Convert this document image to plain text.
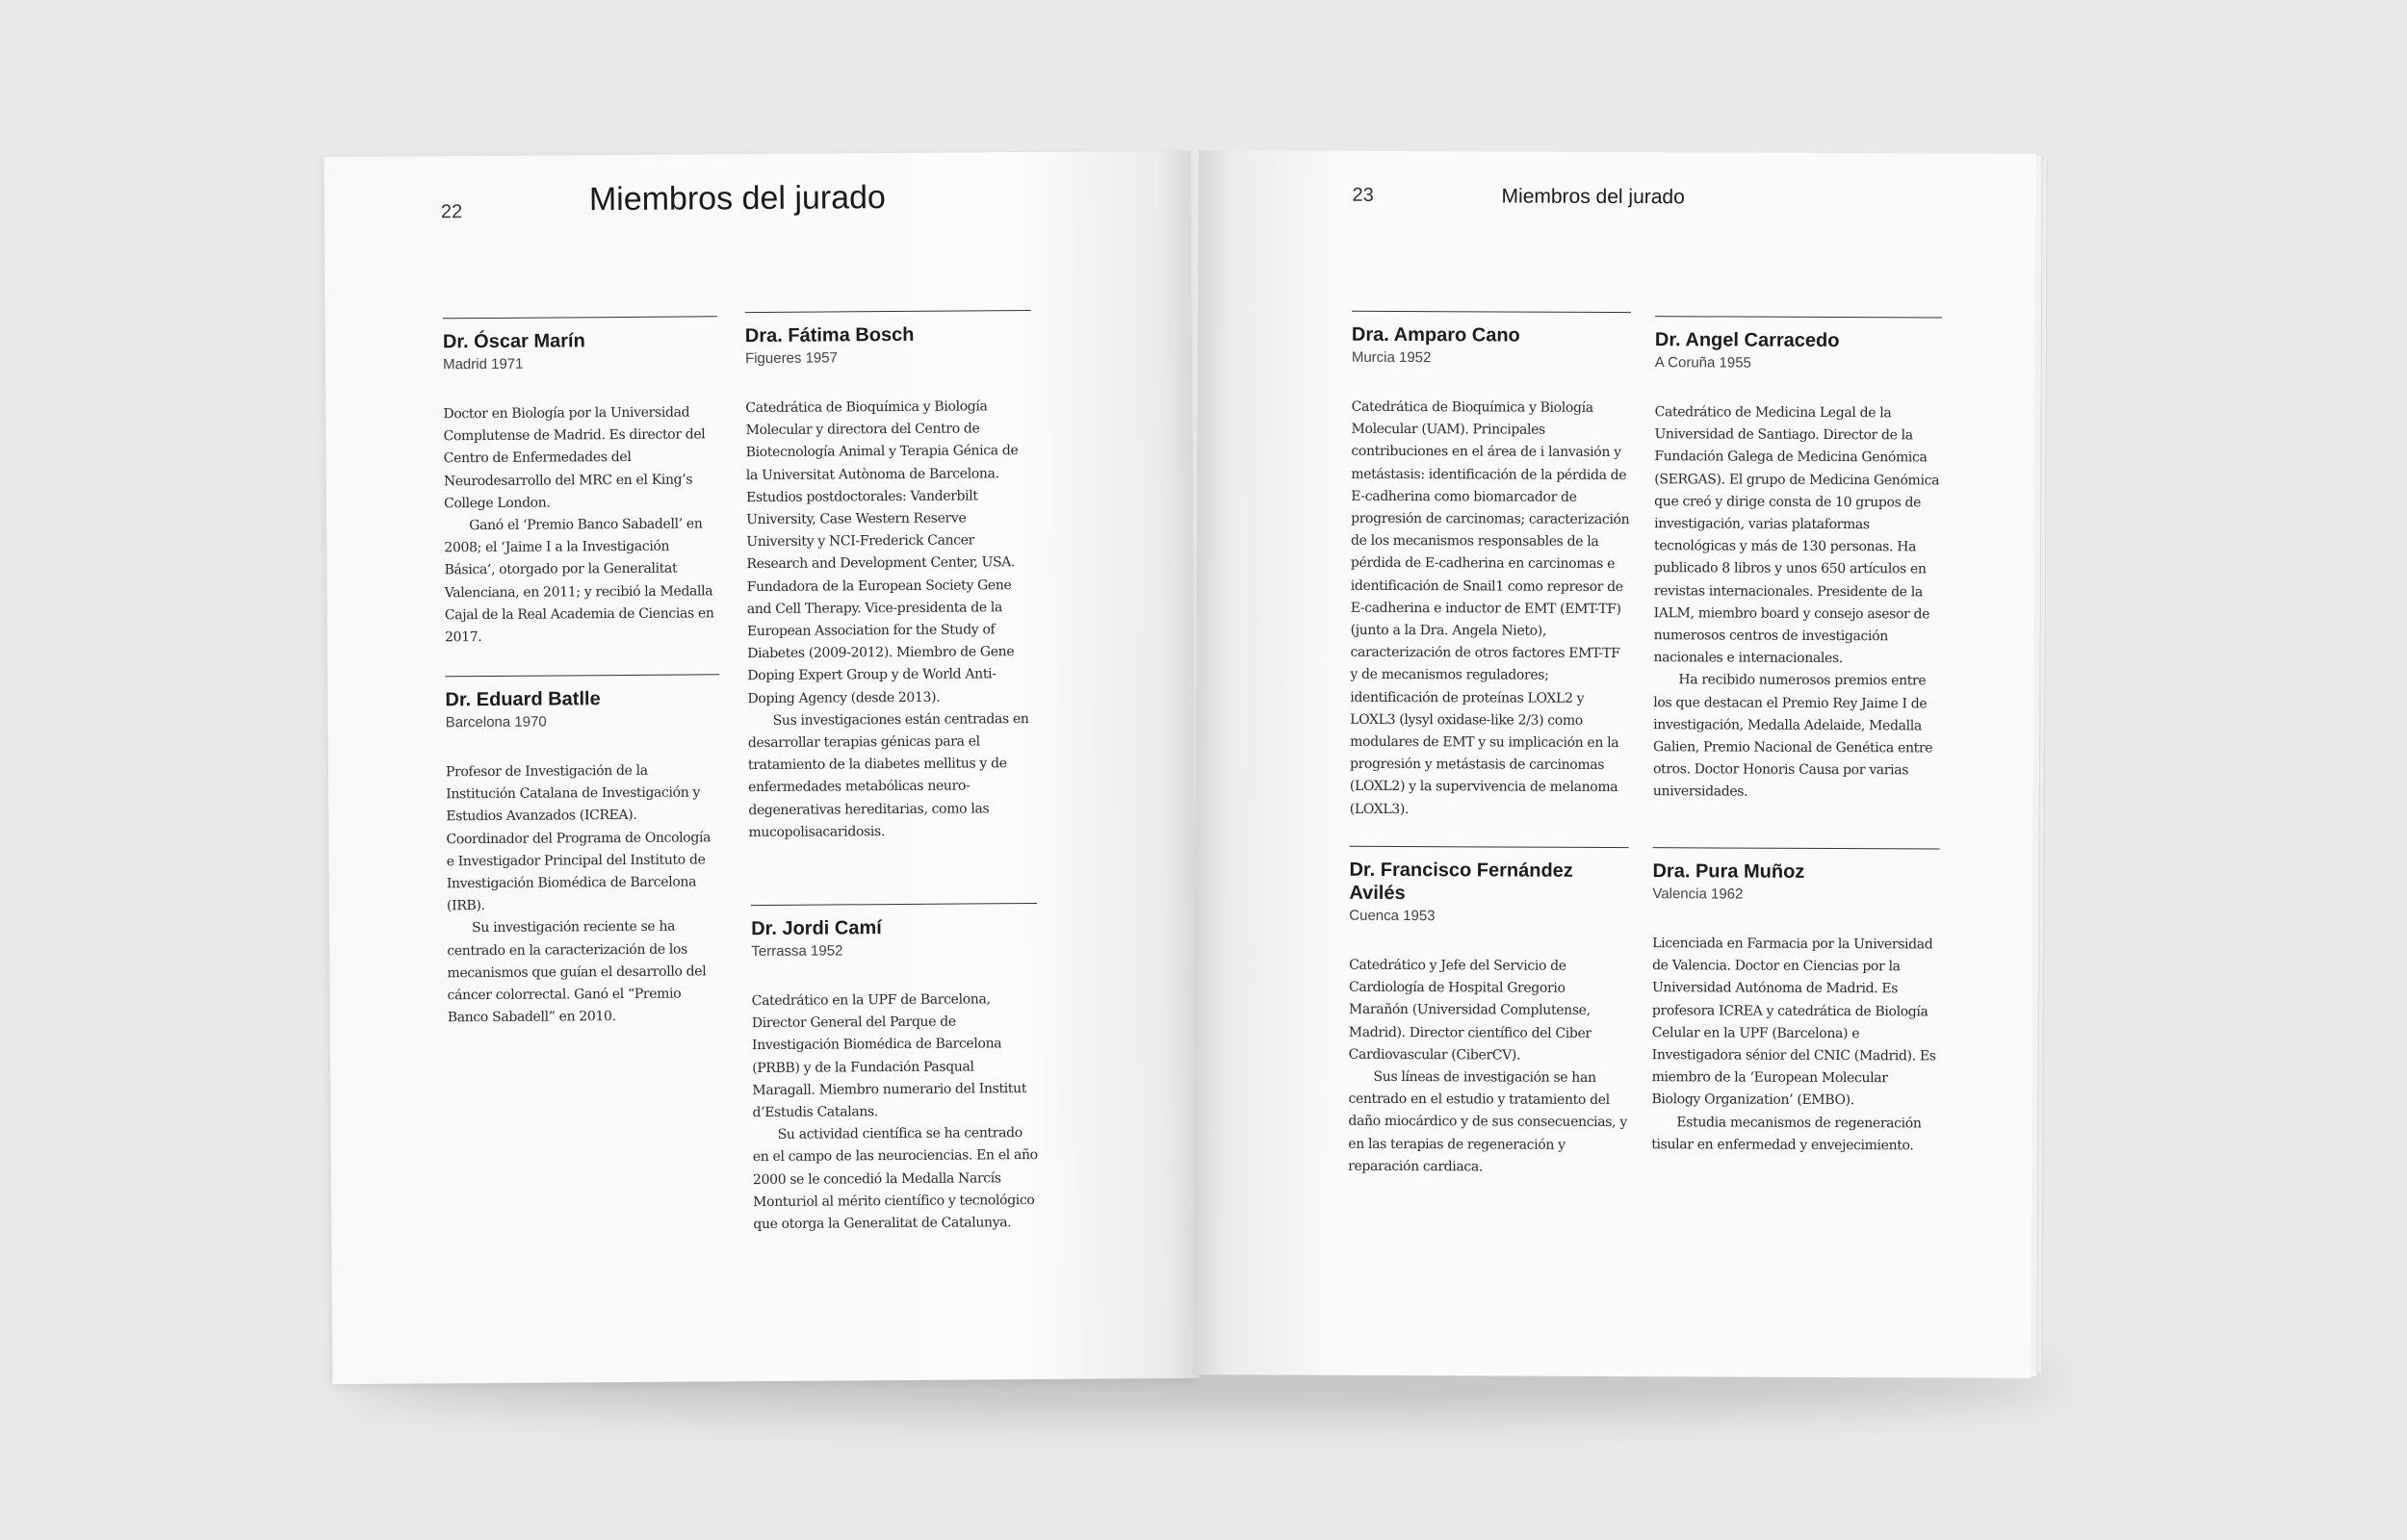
22	Miembros del jurado
Dr. Óscar Marín
Madrid 1971

Doctor en Biología por la Universidad Complutense de Madrid. Es director del Centro de Enfermedades del Neurodesarrollo del MRC en el King’s College London.

Ganó el ‘Premio Banco Sabadell’ en 2008; el ‘Jaime I a la Investigación Básica’, otorgado por la Generalitat Valenciana, en 2011; y recibió la Medalla Cajal de la Real Academia de Ciencias en 2017.

Dr. Eduard Batlle
Barcelona 1970

Profesor de Investigación de la Institución Catalana de Investigación y Estudios Avanzados (ICREA). Coordinador del Programa de Oncología e Investigador Principal del Instituto de Investigación Biomédica de Barcelona (IRB).

Su investigación reciente se ha centrado en la caracterización de los mecanismos que guían el desarrollo del cáncer colorrectal. Ganó el “Premio Banco Sabadell” en 2010.

Dra. Fátima Bosch
Figueres 1957

Catedrática de Bioquímica y Biología Molecular y directora del Centro de Biotecnología Animal y Terapia Génica de la Universitat Autònoma de Barcelona. Estudios postdoctorales: Vanderbilt University, Case Western Reserve University y NCI-Frederick Cancer Research and Development Center, USA. Fundadora de la European Society Gene and Cell Therapy. Vice-presidenta de la European Association for the Study of Diabetes (2009-2012). Miembro de Gene Doping Expert Group y de World Anti-Doping Agency (desde 2013).

Sus investigaciones están centradas en desarrollar terapias génicas para el tratamiento de la diabetes mellitus y de enfermedades metabólicas neuro-degenerativas hereditarias, como las mucopolisacaridosis.

Dr. Jordi Camí
Terrassa 1952

Catedrático en la UPF de Barcelona, Director General del Parque de Investigación Biomédica de Barcelona (PRBB) y de la Fundación Pasqual Maragall. Miembro numerario del Institut d’Estudis Catalans.

Su actividad científica se ha centrado en el campo de las neurociencias. En el año 2000 se le concedió la Medalla Narcís Monturiol al mérito científico y tecnológico que otorga la Generalitat de Catalunya.

23	Miembros del jurado
Dra. Amparo Cano
Murcia 1952

Catedrática de Bioquímica y Biología Molecular (UAM). Principales contribuciones en el área de i lanvasión y metástasis: identificación de la pérdida de E-cadherina como biomarcador de progresión de carcinomas; caracterización de los mecanismos responsables de la pérdida de E-cadherina en carcinomas e identificación de Snail1 como represor de E-cadherina e inductor de EMT (EMT-TF) (junto a la Dra. Angela Nieto), caracterización de otros factores EMT-TF y de mecanismos reguladores; identificación de proteínas LOXL2 y LOXL3 (lysyl oxidase-like 2/3) como modulares de EMT y su implicación en la progresión y metástasis de carcinomas (LOXL2) y la supervivencia de melanoma (LOXL3).

Dr. Francisco Fernández Avilés
Cuenca 1953

Catedrático y Jefe del Servicio de Cardiología de Hospital Gregorio Marañón (Universidad Complutense, Madrid). Director científico del Ciber Cardiovascular (CiberCV).

Sus líneas de investigación se han centrado en el estudio y tratamiento del daño miocárdico y de sus consecuencias, y en las terapias de regeneración y reparación cardiaca.

Dr. Angel Carracedo
A Coruña 1955

Catedrático de Medicina Legal de la Universidad de Santiago. Director de la Fundación Galega de Medicina Genómica (SERGAS). El grupo de Medicina Genómica que creó y dirige consta de 10 grupos de investigación, varias plataformas tecnológicas y más de 130 personas. Ha publicado 8 libros y unos 650 artículos en revistas internacionales. Presidente de la IALM, miembro board y consejo asesor de numerosos centros de investigación nacionales e internacionales.

Ha recibido numerosos premios entre los que destacan el Premio Rey Jaime I de investigación, Medalla Adelaide, Medalla Galien, Premio Nacional de Genética entre otros. Doctor Honoris Causa por varias universidades.

Dra. Pura Muñoz
Valencia 1962

Licenciada en Farmacia por la Universidad de Valencia. Doctor en Ciencias por la Universidad Autónoma de Madrid. Es profesora ICREA y catedrática de Biología Celular en la UPF (Barcelona) e Investigadora sénior del CNIC (Madrid). Es miembro de la ‘European Molecular Biology Organization’ (EMBO).

Estudia mecanismos de regeneración tisular en enfermedad y envejecimiento.
